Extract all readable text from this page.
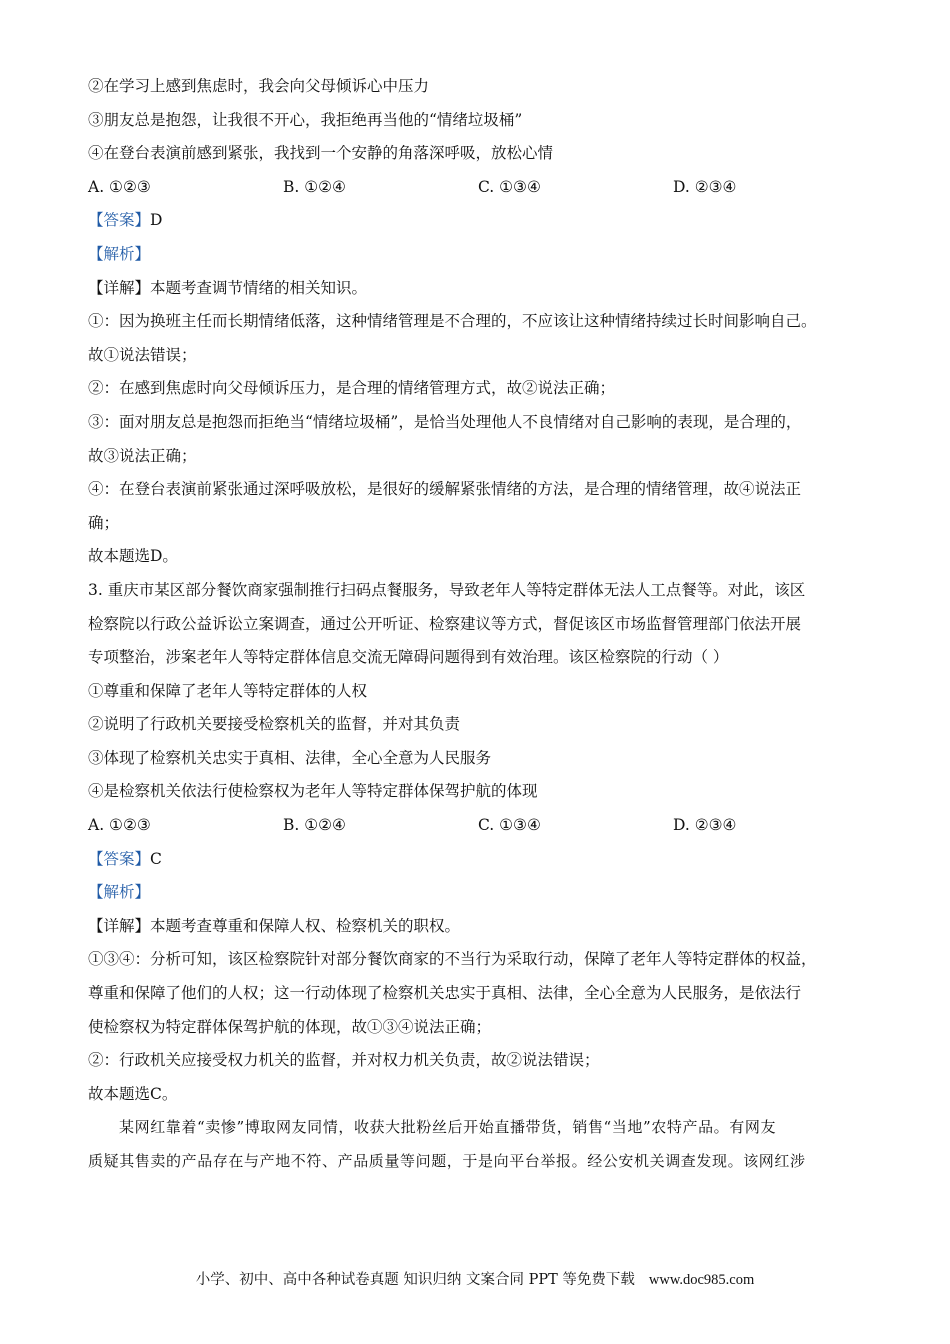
②在学习上感到焦虑时，我会向父母倾诉心中压力
③朋友总是抱怨，让我很不开心，我拒绝再当他的“情绪垃圾桶”
④在登台表演前感到紧张，我找到一个安静的角落深呼吸，放松心情
A. ①②③	B. ①②④	C. ①③④	D. ②③④
【答案】D
【解析】
【详解】本题考查调节情绪的相关知识。
①：因为换班主任而长期情绪低落，这种情绪管理是不合理的，不应该让这种情绪持续过长时间影响自己。
故①说法错误；
②：在感到焦虑时向父母倾诉压力，是合理的情绪管理方式，故②说法正确；
③：面对朋友总是抱怨而拒绝当“情绪垃圾桶”，是恰当处理他人不良情绪对自己影响的表现，是合理的，
故③说法正确；
④：在登台表演前紧张通过深呼吸放松，是很好的缓解紧张情绪的方法，是合理的情绪管理，故④说法正
确；
故本题选D。
3. 重庆市某区部分餐饮商家强制推行扫码点餐服务，导致老年人等特定群体无法人工点餐等。对此，该区
检察院以行政公益诉讼立案调查，通过公开听证、检察建议等方式，督促该区市场监督管理部门依法开展
专项整治，涉案老年人等特定群体信息交流无障碍问题得到有效治理。该区检察院的行动（ ）
①尊重和保障了老年人等特定群体的人权
②说明了行政机关要接受检察机关的监督，并对其负责
③体现了检察机关忠实于真相、法律，全心全意为人民服务
④是检察机关依法行使检察权为老年人等特定群体保驾护航的体现
A. ①②③	B. ①②④	C. ①③④	D. ②③④
【答案】C
【解析】
【详解】本题考查尊重和保障人权、检察机关的职权。
①③④：分析可知，该区检察院针对部分餐饮商家的不当行为采取行动，保障了老年人等特定群体的权益，
尊重和保障了他们的人权；这一行动体现了检察机关忠实于真相、法律，全心全意为人民服务，是依法行
使检察权为特定群体保驾护航的体现，故①③④说法正确；
②：行政机关应接受权力机关的监督，并对权力机关负责，故②说法错误；
故本题选C。
某网红靠着“卖惨”博取网友同情，收获大批粉丝后开始直播带货，销售“当地”农特产品。有网友
质疑其售卖的产品存在与产地不符、产品质量等问题，于是向平台举报。经公安机关调查发现。该网红涉
小学、初中、高中各种试卷真题 知识归纳 文案合同 PPT 等免费下载 www.doc985.com
